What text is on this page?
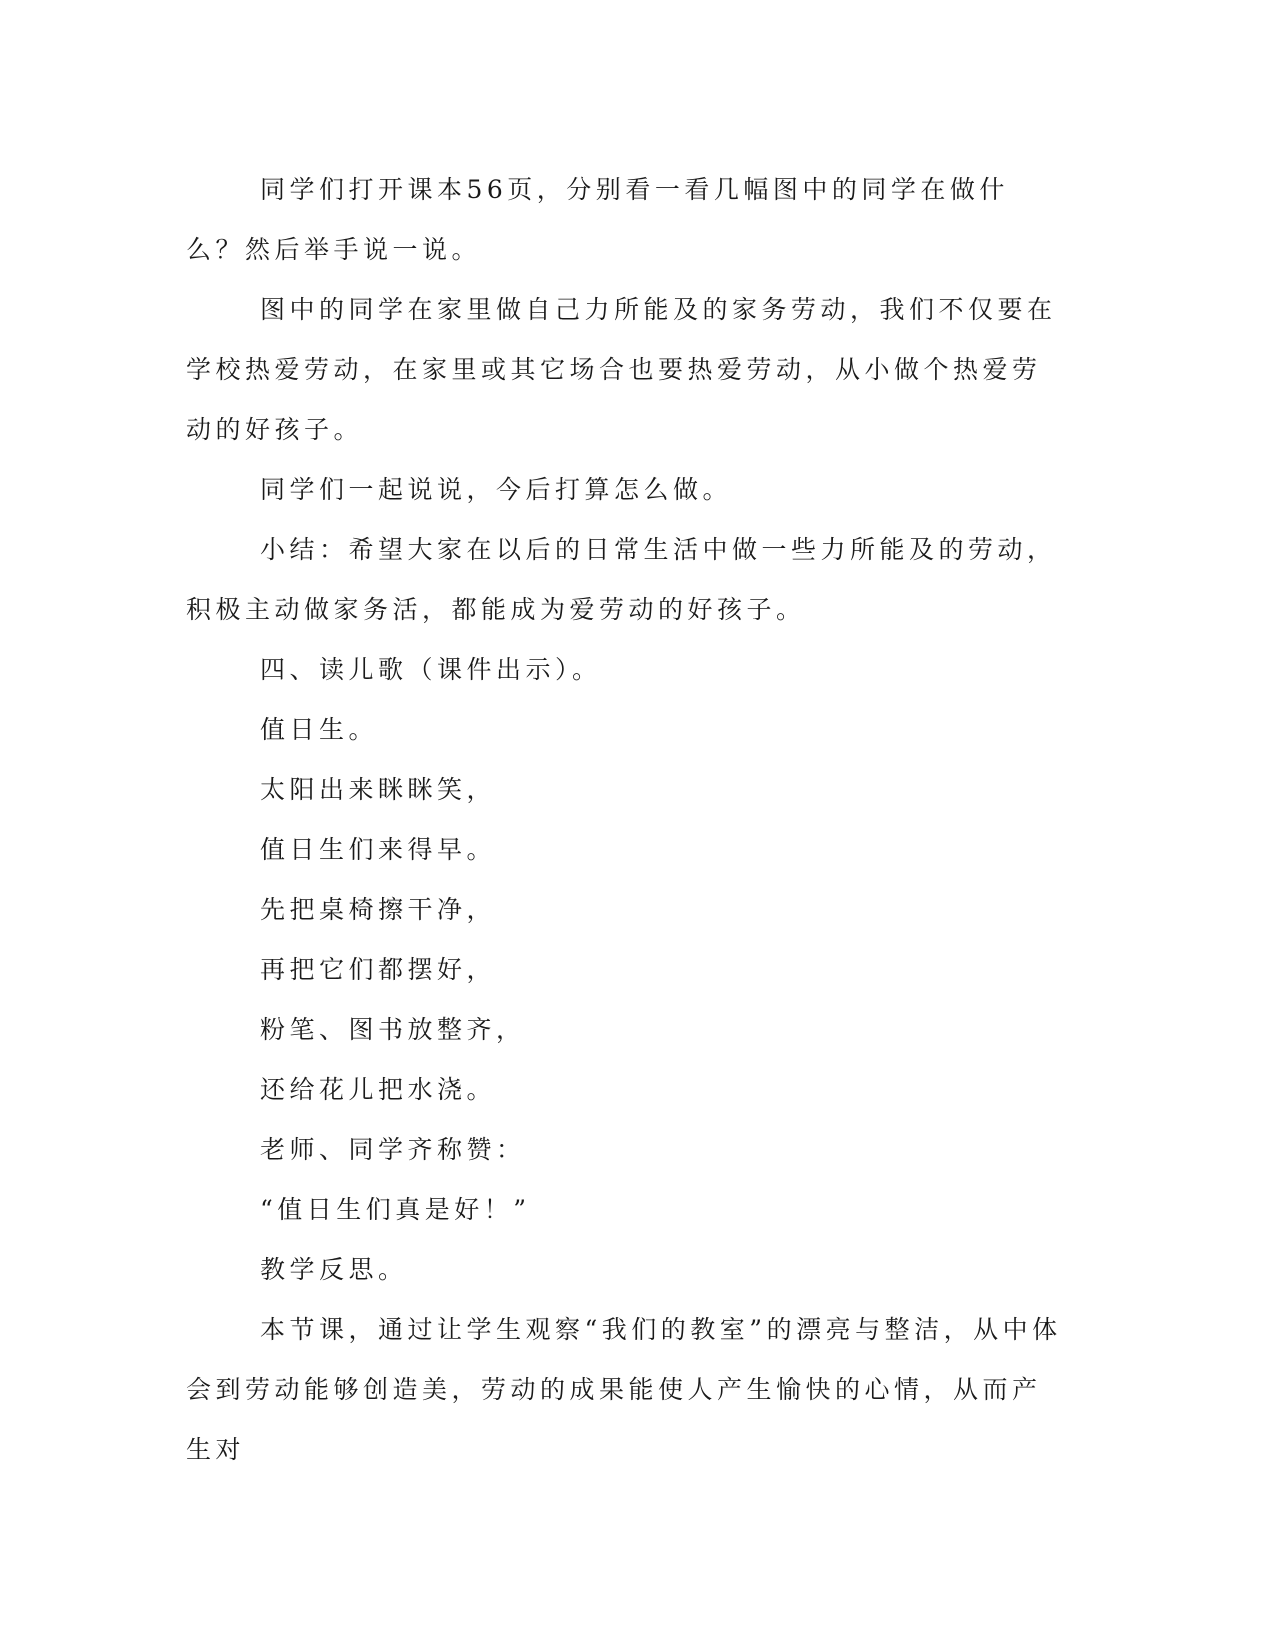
同学们打开课本56页，分别看一看几幅图中的同学在做什么？然后举手说一说。

图中的同学在家里做自己力所能及的家务劳动，我们不仅要在学校热爱劳动，在家里或其它场合也要热爱劳动，从小做个热爱劳动的好孩子。

同学们一起说说，今后打算怎么做。

小结：希望大家在以后的日常生活中做一些力所能及的劳动，积极主动做家务活，都能成为爱劳动的好孩子。

四、读儿歌（课件出示）。

值日生。

太阳出来眯眯笑，

值日生们来得早。

先把桌椅擦干净，

再把它们都摆好，

粉笔、图书放整齐，

还给花儿把水浇。

老师、同学齐称赞：

“值日生们真是好！”

教学反思。

本节课，通过让学生观察“我们的教室”的漂亮与整洁，从中体会到劳动能够创造美，劳动的成果能使人产生愉快的心情，从而产生对
